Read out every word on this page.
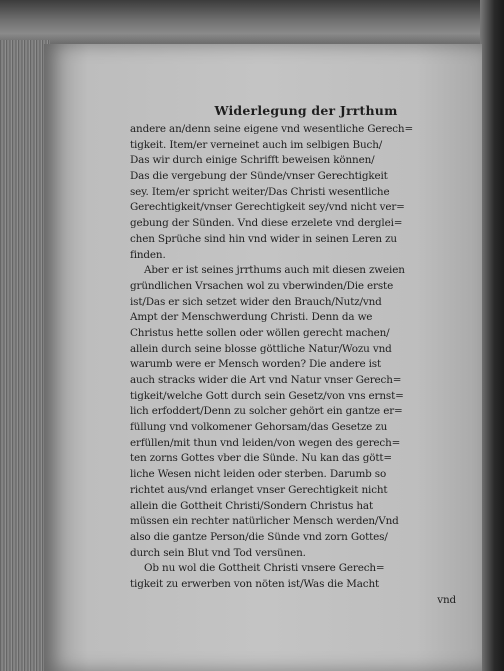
Widerlegung der Jrrthum
andere an/denn seine eigene vnd wesentliche Gerech=
tigkeit. Item/er verneinet auch im selbigen Buch/
Das wir durch einige Schrifft beweisen können/
Das die vergebung der Sünde/vnser Gerechtigkeit
sey. Item/er spricht weiter/Das Christi wesentliche
Gerechtigkeit/vnser Gerechtigkeit sey/vnd nicht ver=
gebung der Sünden. Vnd diese erzelete vnd derglei=
chen Sprüche sind hin vnd wider in seinen Leren zu
finden.
Aber er ist seines jrrthums auch mit diesen zweien
gründlichen Vrsachen wol zu vberwinden/Die erste
ist/Das er sich setzet wider den Brauch/Nutz/vnd
Ampt der Menschwerdung Christi. Denn da we
Christus hette sollen oder wöllen gerecht machen/
allein durch seine blosse göttliche Natur/Wozu vnd
warumb were er Mensch worden? Die andere ist
auch stracks wider die Art vnd Natur vnser Gerech=
tigkeit/welche Gott durch sein Gesetz/von vns ernst=
lich erfoddert/Denn zu solcher gehört ein gantze er=
füllung vnd volkomener Gehorsam/das Gesetze zu
erfüllen/mit thun vnd leiden/von wegen des gerech=
ten zorns Gottes vber die Sünde. Nu kan das gött=
liche Wesen nicht leiden oder sterben. Darumb so
richtet aus/vnd erlanget vnser Gerechtigkeit nicht
allein die Gottheit Christi/Sondern Christus hat
müssen ein rechter natürlicher Mensch werden/Vnd
also die gantze Person/die Sünde vnd zorn Gottes/
durch sein Blut vnd Tod versünen.
Ob nu wol die Gottheit Christi vnsere Gerech=
tigkeit zu erwerben von nöten ist/Was die Macht
vnd
